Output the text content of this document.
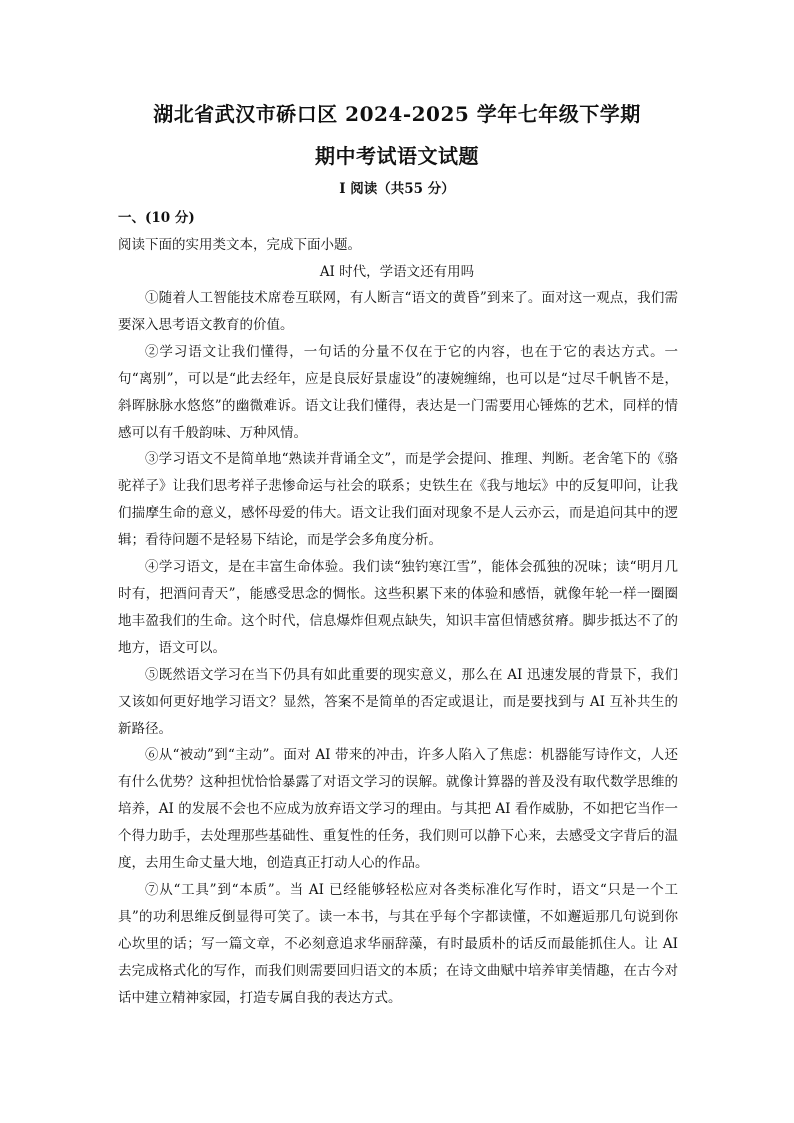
湖北省武汉市硚口区 2024-2025 学年七年级下学期
期中考试语文试题
I 阅读（共55 分）
一、(10 分)
阅读下面的实用类文本，完成下面小题。
AI 时代，学语文还有用吗

①随着人工智能技术席卷互联网，有人断言“语文的黄昏”到来了。面对这一观点，我们需要深入思考语文教育的价值。

②学习语文让我们懂得，一句话的分量不仅在于它的内容，也在于它的表达方式。一句“离别”，可以是“此去经年，应是良辰好景虚设”的凄婉缠绵，也可以是“过尽千帆皆不是，斜晖脉脉水悠悠”的幽微难诉。语文让我们懂得，表达是一门需要用心锤炼的艺术，同样的情感可以有千般韵味、万种风情。

③学习语文不是简单地“熟读并背诵全文”，而是学会提问、推理、判断。老舍笔下的《骆驼祥子》让我们思考祥子悲惨命运与社会的联系；史铁生在《我与地坛》中的反复叩问，让我们揣摩生命的意义，感怀母爱的伟大。语文让我们面对现象不是人云亦云，而是追问其中的逻辑；看待问题不是轻易下结论，而是学会多角度分析。

④学习语文，是在丰富生命体验。我们读“独钓寒江雪”，能体会孤独的况味；读“明月几时有，把酒问青天”，能感受思念的惆怅。这些积累下来的体验和感悟，就像年轮一样一圈圈地丰盈我们的生命。这个时代，信息爆炸但观点缺失，知识丰富但情感贫瘠。脚步抵达不了的地方，语文可以。

⑤既然语文学习在当下仍具有如此重要的现实意义，那么在 AI 迅速发展的背景下，我们又该如何更好地学习语文？显然，答案不是简单的否定或退让，而是要找到与 AI 互补共生的新路径。

⑥从“被动”到“主动”。面对 AI 带来的冲击，许多人陷入了焦虑：机器能写诗作文，人还有什么优势？这种担忧恰恰暴露了对语文学习的误解。就像计算器的普及没有取代数学思维的培养，AI 的发展不会也不应成为放弃语文学习的理由。与其把 AI 看作威胁，不如把它当作一个得力助手，去处理那些基础性、重复性的任务，我们则可以静下心来，去感受文字背后的温度，去用生命丈量大地，创造真正打动人心的作品。

⑦从“工具”到“本质”。当 AI 已经能够轻松应对各类标准化写作时，语文“只是一个工具”的功利思维反倒显得可笑了。读一本书，与其在乎每个字都读懂，不如邂逅那几句说到你心坎里的话；写一篇文章，不必刻意追求华丽辞藻，有时最质朴的话反而最能抓住人。让 AI 去完成格式化的写作，而我们则需要回归语文的本质；在诗文曲赋中培养审美情趣，在古今对话中建立精神家园，打造专属自我的表达方式。
